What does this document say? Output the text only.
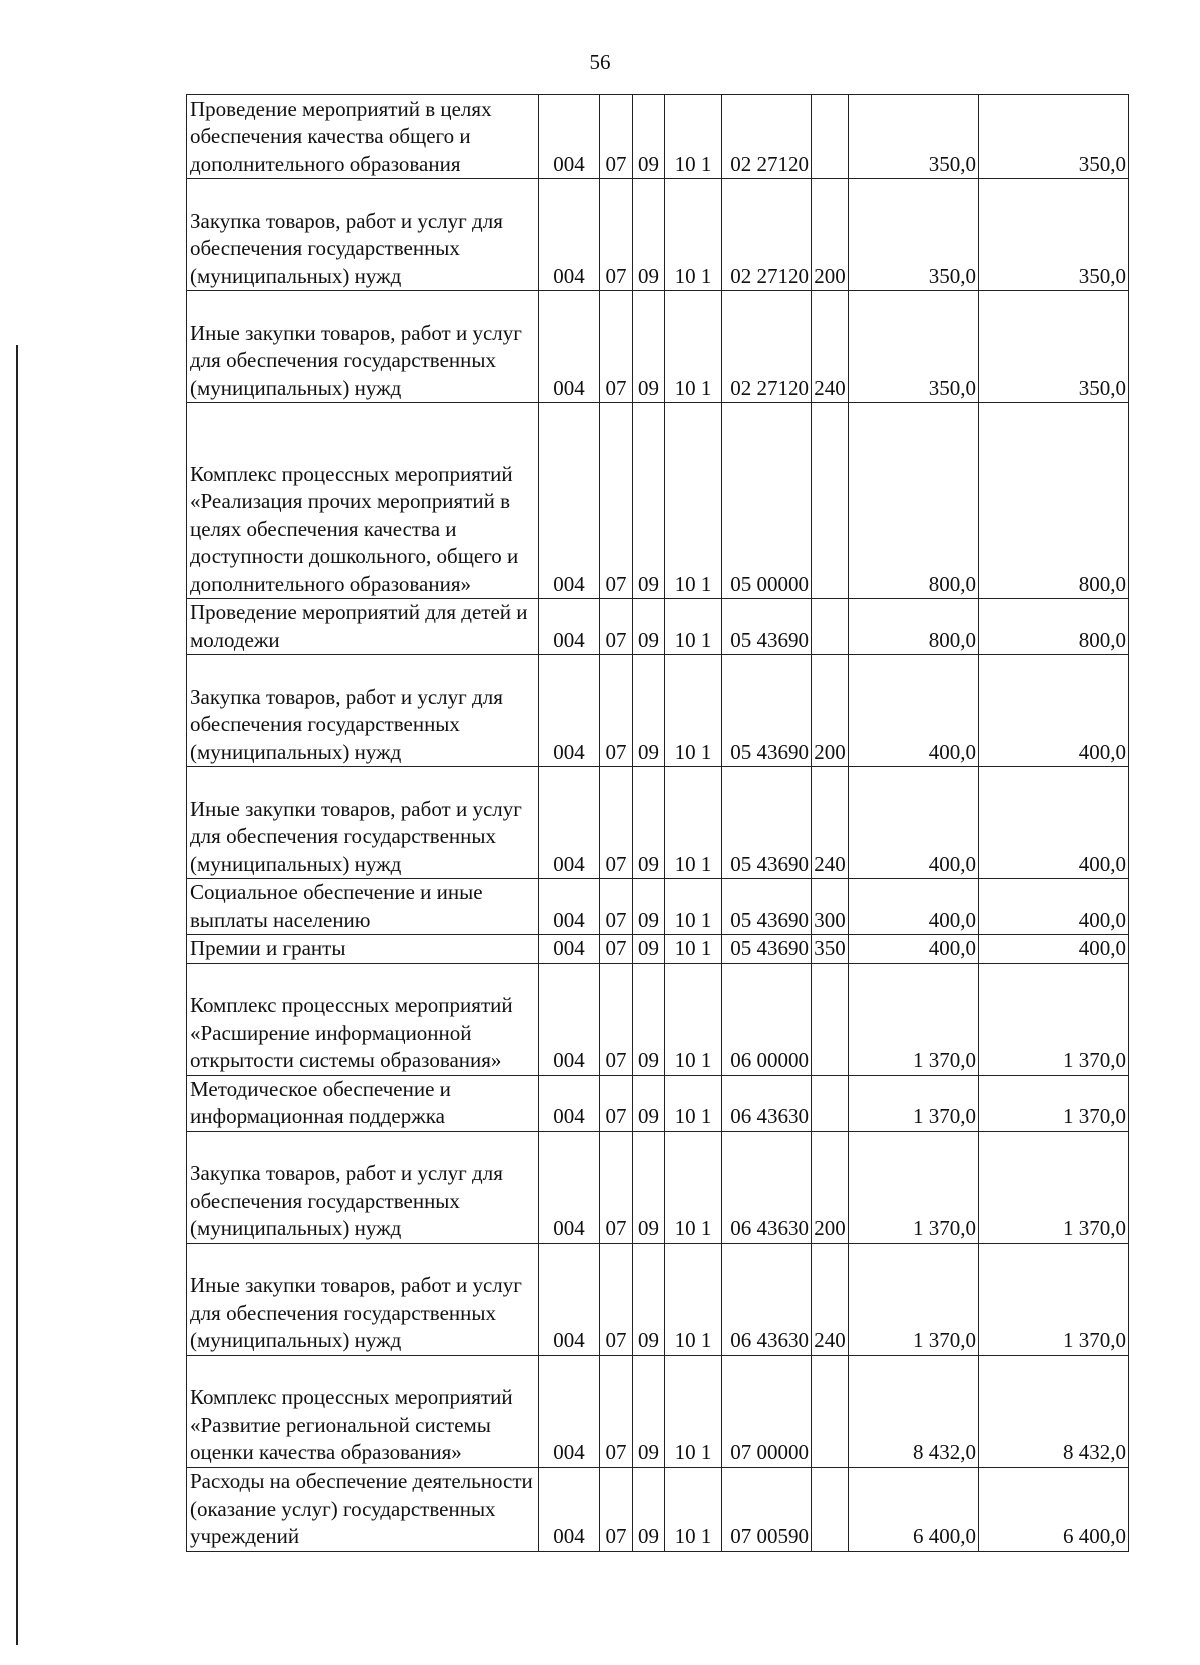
56
Проведение мероприятий в целях обеспечения качества общего и дополнительного образования	004	07	09	10 1	02 27120		350,0	350,0
Закупка товаров, работ и услуг для обеспечения государственных (муниципальных) нужд	004	07	09	10 1	02 27120	200	350,0	350,0
Иные закупки товаров, работ и услуг для обеспечения государственных (муниципальных) нужд	004	07	09	10 1	02 27120	240	350,0	350,0
Комплекс процессных мероприятий «Реализация прочих мероприятий в целях обеспечения качества и доступности дошкольного, общего и дополнительного образования»	004	07	09	10 1	05 00000		800,0	800,0
Проведение мероприятий для детей и молодежи	004	07	09	10 1	05 43690		800,0	800,0
Закупка товаров, работ и услуг для обеспечения государственных (муниципальных) нужд	004	07	09	10 1	05 43690	200	400,0	400,0
Иные закупки товаров, работ и услуг для обеспечения государственных (муниципальных) нужд	004	07	09	10 1	05 43690	240	400,0	400,0
Социальное обеспечение и иные выплаты населению	004	07	09	10 1	05 43690	300	400,0	400,0
Премии и гранты	004	07	09	10 1	05 43690	350	400,0	400,0
Комплекс процессных мероприятий «Расширение информационной открытости системы образования»	004	07	09	10 1	06 00000		1 370,0	1 370,0
Методическое обеспечение и информационная поддержка	004	07	09	10 1	06 43630		1 370,0	1 370,0
Закупка товаров, работ и услуг для обеспечения государственных (муниципальных) нужд	004	07	09	10 1	06 43630	200	1 370,0	1 370,0
Иные закупки товаров, работ и услуг для обеспечения государственных (муниципальных) нужд	004	07	09	10 1	06 43630	240	1 370,0	1 370,0
Комплекс процессных мероприятий «Развитие региональной системы оценки качества образования»	004	07	09	10 1	07 00000		8 432,0	8 432,0
Расходы на обеспечение деятельности (оказание услуг) государственных учреждений	004	07	09	10 1	07 00590		6 400,0	6 400,0
